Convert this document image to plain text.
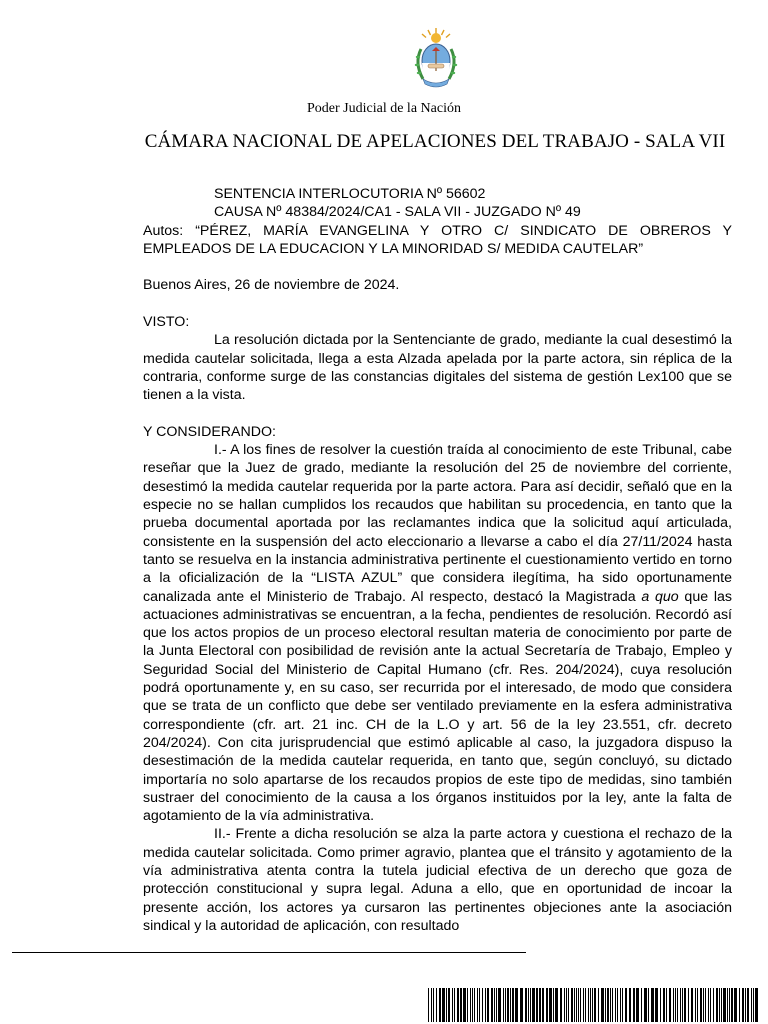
Poder Judicial de la Nación
CÁMARA NACIONAL DE APELACIONES DEL TRABAJO - SALA VII

SENTENCIA INTERLOCUTORIA Nº 56602

CAUSA Nº 48384/2024/CA1 - SALA VII - JUZGADO Nº 49

Autos: “PÉREZ, MARÍA EVANGELINA Y OTRO C/ SINDICATO DE OBREROS Y EMPLEADOS DE LA EDUCACION Y LA MINORIDAD S/ MEDIDA CAUTELAR”

Buenos Aires, 26 de noviembre de 2024.

VISTO:

La resolución dictada por la Sentenciante de grado, mediante la cual desestimó la medida cautelar solicitada, llega a esta Alzada apelada por la parte actora, sin réplica de la contraria, conforme surge de las constancias digitales del sistema de gestión Lex100 que se tienen a la vista.

Y CONSIDERANDO:

I.- A los fines de resolver la cuestión traída al conocimiento de este Tribunal, cabe reseñar que la Juez de grado, mediante la resolución del 25 de noviembre del corriente, desestimó la medida cautelar requerida por la parte actora. Para así decidir, señaló que en la especie no se hallan cumplidos los recaudos que habilitan su procedencia, en tanto que la prueba documental aportada por las reclamantes indica que la solicitud aquí articulada, consistente en la suspensión del acto eleccionario a llevarse a cabo el día 27/11/2024 hasta tanto se resuelva en la instancia administrativa pertinente el cuestionamiento vertido en torno a la oficialización de la “LISTA AZUL” que considera ilegítima, ha sido oportunamente canalizada ante el Ministerio de Trabajo. Al respecto, destacó la Magistrada a quo que las actuaciones administrativas se encuentran, a la fecha, pendientes de resolución. Recordó así que los actos propios de un proceso electoral resultan materia de conocimiento por parte de la Junta Electoral con posibilidad de revisión ante la actual Secretaría de Trabajo, Empleo y Seguridad Social del Ministerio de Capital Humano (cfr. Res. 204/2024), cuya resolución podrá oportunamente y, en su caso, ser recurrida por el interesado, de modo que considera que se trata de un conflicto que debe ser ventilado previamente en la esfera administrativa correspondiente (cfr. art. 21 inc. CH de la L.O y art. 56 de la ley 23.551, cfr. decreto 204/2024). Con cita jurisprudencial que estimó aplicable al caso, la juzgadora dispuso la desestimación de la medida cautelar requerida, en tanto que, según concluyó, su dictado importaría no solo apartarse de los recaudos propios de este tipo de medidas, sino también sustraer del conocimiento de la causa a los órganos instituidos por la ley, ante la falta de agotamiento de la vía administrativa.

II.- Frente a dicha resolución se alza la parte actora y cuestiona el rechazo de la medida cautelar solicitada. Como primer agravio, plantea que el tránsito y agotamiento de la vía administrativa atenta contra la tutela judicial efectiva de un derecho que goza de protección constitucional y supra legal. Aduna a ello, que en oportunidad de incoar la presente acción, los actores ya cursaron las pertinentes objeciones ante la asociación sindical y la autoridad de aplicación, con resultado
